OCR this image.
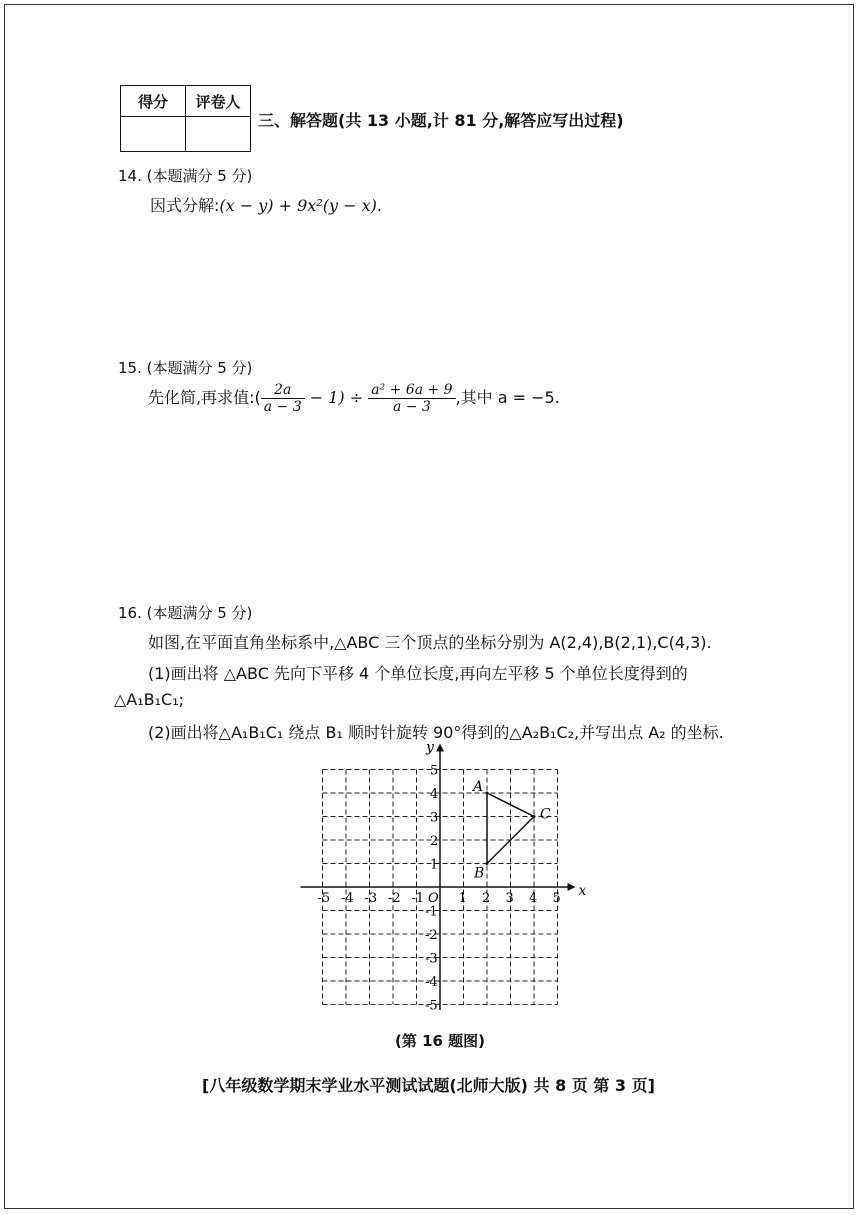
得分	评卷人

三、解答题(共 13 小题,计 81 分,解答应写出过程)
14. (本题满分 5 分)
因式分解:(x − y) + 9x²(y − x).
15. (本题满分 5 分)
先化简,再求值:( $\frac{2a}{a - 3} - 1) \div \frac{\text{a² + 6a + 9}}{a - 3}$ ,其中 a = −5.
16. (本题满分 5 分)
如图,在平面直角坐标系中,△ABC 三个顶点的坐标分别为 A(2,4),B(2,1),C(4,3).
(1)画出将 △ABC 先向下平移 4 个单位长度,再向左平移 5 个单位长度得到的
△A₁B₁C₁;
(2)画出将△A₁B₁C₁ 绕点 B₁ 顺时针旋转 90°得到的△A₂B₁C₂,并写出点 A₂ 的坐标.
x
y
O
-5 -4 -3 -2 -1	1 2 3 4 5
5
4
3
2
1
-1
-2
-3
-4
-5
A
B
C
(第 16 题图)
[八年级数学期末学业水平测试试题(北师大版) 共 8 页 第 3 页]
